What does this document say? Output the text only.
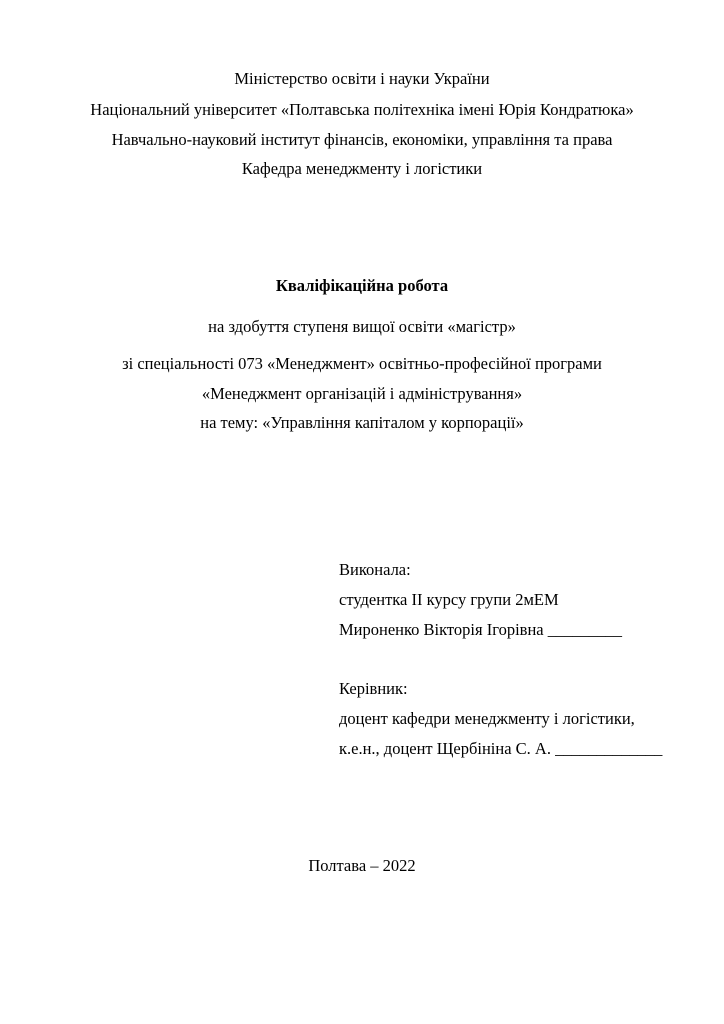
Міністерство освіти і науки України
Національний університет «Полтавська політехніка імені Юрія Кондратюка»
Навчально-науковий інститут фінансів, економіки, управління та права
Кафедра менеджменту і логістики
Кваліфікаційна робота
на здобуття ступеня вищої освіти «магістр»
зі спеціальності 073 «Менеджмент» освітньо-професійної програми
«Менеджмент організацій і адміністрування»
на тему: «Управління капіталом у корпорації»
Виконала:
студентка ІІ курсу групи 2мЕМ
Мироненко Вікторія Ігорівна _________
Керівник:
доцент кафедри менеджменту і логістики,
к.е.н., доцент Щербініна С. А. _____________
Полтава – 2022
